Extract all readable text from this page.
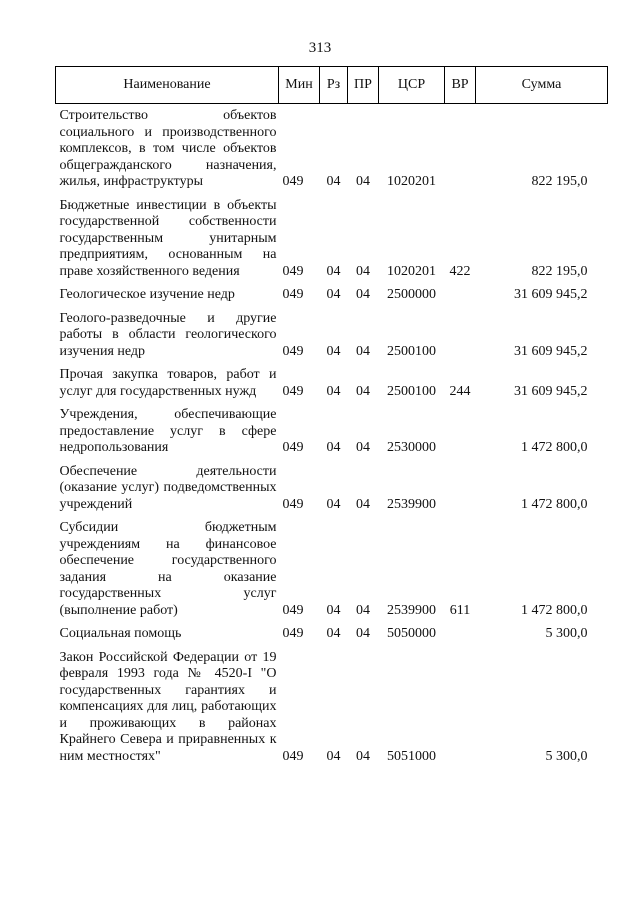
313
Наименование	Мин	Рз	ПР	ЦСР	ВР	Сумма
Строительство объектов социального и производственного комплексов, в том числе объектов общегражданского назначения, жилья, инфраструктуры	049	04	04	1020201		822 195,0
Бюджетные инвестиции в объекты государственной собственности государственным унитарным предприятиям, основанным на праве хозяйственного ведения	049	04	04	1020201	422	822 195,0
Геологическое изучение недр	049	04	04	2500000		31 609 945,2
Геолого-разведочные и другие работы в области геологического изучения недр	049	04	04	2500100		31 609 945,2
Прочая закупка товаров, работ и услуг для государственных нужд	049	04	04	2500100	244	31 609 945,2
Учреждения, обеспечивающие предоставление услуг в сфере недропользования	049	04	04	2530000		1 472 800,0
Обеспечение деятельности (оказание услуг) подведомственных учреждений	049	04	04	2539900		1 472 800,0
Субсидии бюджетным учреждениям на финансовое обеспечение государственного задания на оказание государственных услуг (выполнение работ)	049	04	04	2539900	611	1 472 800,0
Социальная помощь	049	04	04	5050000		5 300,0
Закон Российской Федерации от 19 февраля 1993 года № 4520-I "О государственных гарантиях и компенсациях для лиц, работающих и проживающих в районах Крайнего Севера и приравненных к ним местностях"	049	04	04	5051000		5 300,0
